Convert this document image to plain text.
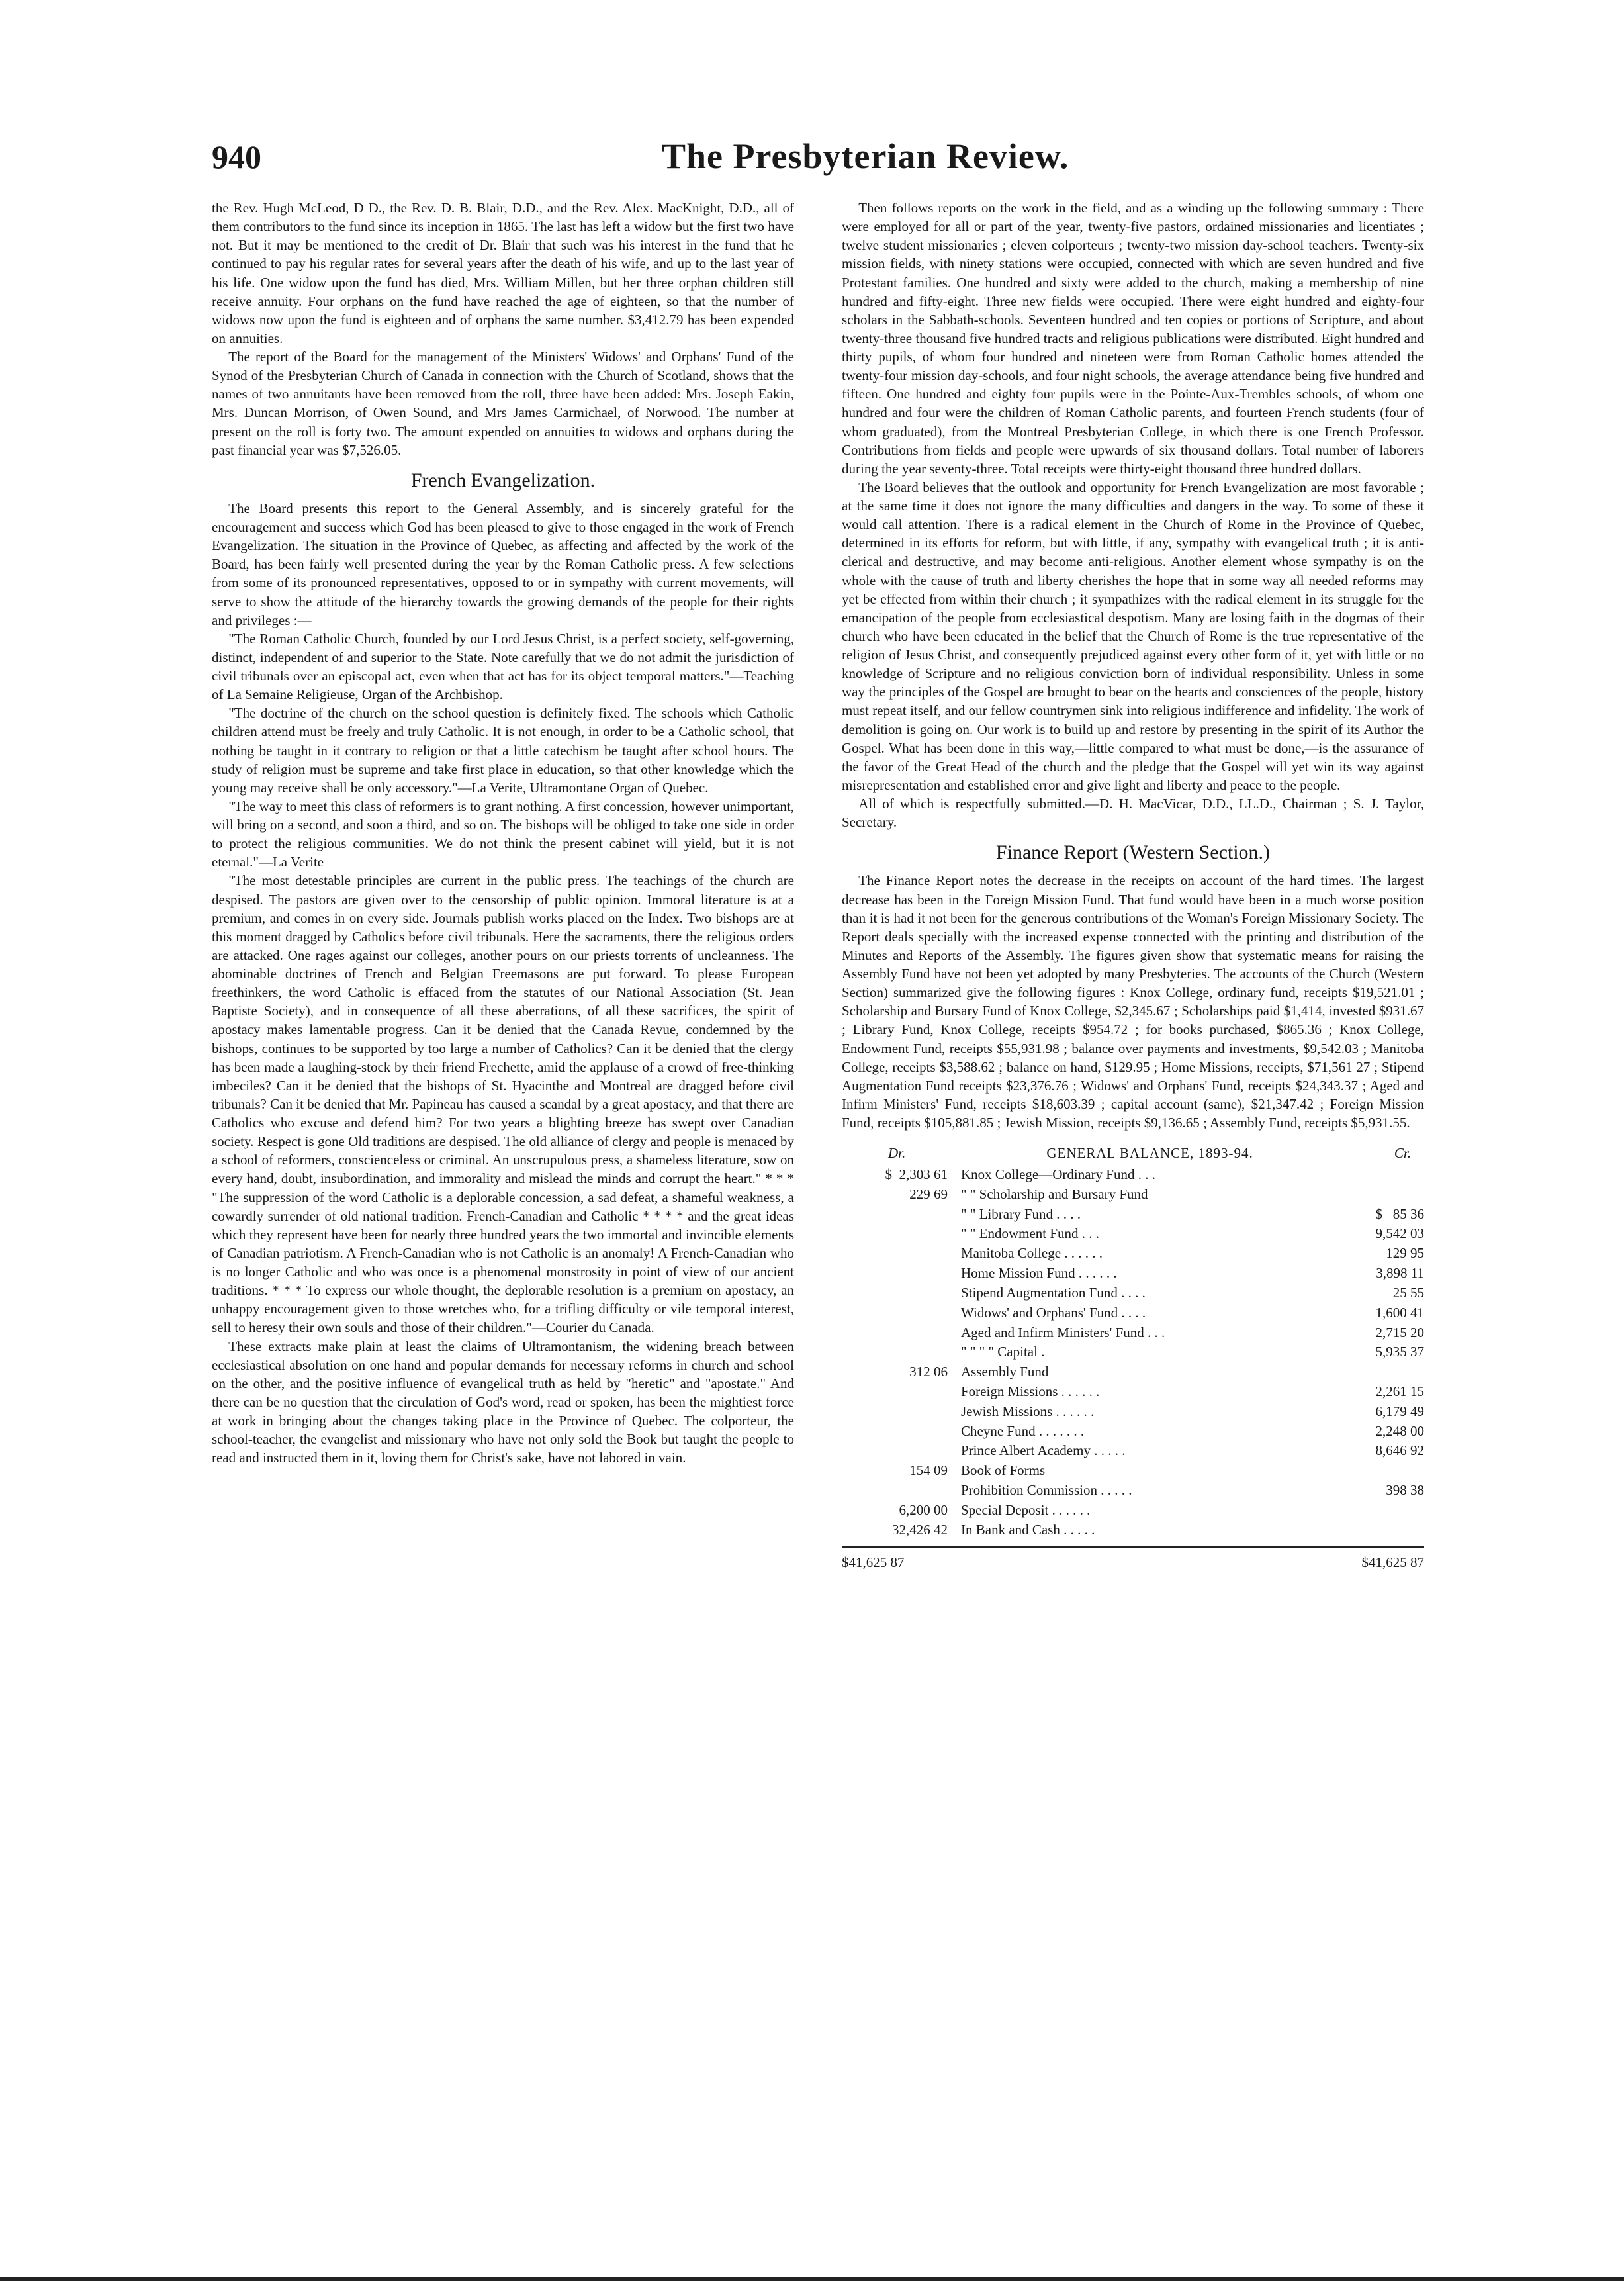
940	The Presbyterian Review.

the Rev. Hugh McLeod, D D., the Rev. D. B. Blair, D.D., and the Rev. Alex. MacKnight, D.D., all of them contributors to the fund since its inception in 1865. The last has left a widow but the first two have not. But it may be mentioned to the credit of Dr. Blair that such was his interest in the fund that he continued to pay his regular rates for several years after the death of his wife, and up to the last year of his life. One widow upon the fund has died, Mrs. William Millen, but her three orphan children still receive annuity. Four orphans on the fund have reached the age of eighteen, so that the number of widows now upon the fund is eighteen and of orphans the same number. $3,412.79 has been expended on annuities.

The report of the Board for the management of the Ministers' Widows' and Orphans' Fund of the Synod of the Presbyterian Church of Canada in connection with the Church of Scotland, shows that the names of two annuitants have been removed from the roll, three have been added: Mrs. Joseph Eakin, Mrs. Duncan Morrison, of Owen Sound, and Mrs James Carmichael, of Norwood. The number at present on the roll is forty two. The amount expended on annuities to widows and orphans during the past financial year was $7,526.05.

French Evangelization.

The Board presents this report to the General Assembly, and is sincerely grateful for the encouragement and success which God has been pleased to give to those engaged in the work of French Evangelization. The situation in the Province of Quebec, as affecting and affected by the work of the Board, has been fairly well presented during the year by the Roman Catholic press. A few selections from some of its pronounced representatives, opposed to or in sympathy with current movements, will serve to show the attitude of the hierarchy towards the growing demands of the people for their rights and privileges :—

"The Roman Catholic Church, founded by our Lord Jesus Christ, is a perfect society, self-governing, distinct, independent of and superior to the State. Note carefully that we do not admit the jurisdiction of civil tribunals over an episcopal act, even when that act has for its object temporal matters."—Teaching of La Semaine Religieuse, Organ of the Archbishop.

"The doctrine of the church on the school question is definitely fixed. The schools which Catholic children attend must be freely and truly Catholic. It is not enough, in order to be a Catholic school, that nothing be taught in it contrary to religion or that a little catechism be taught after school hours. The study of religion must be supreme and take first place in education, so that other knowledge which the young may receive shall be only accessory."—La Verite, Ultramontane Organ of Quebec.

"The way to meet this class of reformers is to grant nothing. A first concession, however unimportant, will bring on a second, and soon a third, and so on. The bishops will be obliged to take one side in order to protect the religious communities. We do not think the present cabinet will yield, but it is not eternal."—La Verite

"The most detestable principles are current in the public press. The teachings of the church are despised. The pastors are given over to the censorship of public opinion. Immoral literature is at a premium, and comes in on every side. Journals publish works placed on the Index. Two bishops are at this moment dragged by Catholics before civil tribunals. Here the sacraments, there the religious orders are attacked. One rages against our colleges, another pours on our priests torrents of uncleanness. The abominable doctrines of French and Belgian Freemasons are put forward. To please European freethinkers, the word Catholic is effaced from the statutes of our National Association (St. Jean Baptiste Society), and in consequence of all these aberrations, of all these sacrifices, the spirit of apostacy makes lamentable progress. Can it be denied that the Canada Revue, condemned by the bishops, continues to be supported by too large a number of Catholics? Can it be denied that the clergy has been made a laughing-stock by their friend Frechette, amid the applause of a crowd of free-thinking imbeciles? Can it be denied that the bishops of St. Hyacinthe and Montreal are dragged before civil tribunals? Can it be denied that Mr. Papineau has caused a scandal by a great apostacy, and that there are Catholics who excuse and defend him? For two years a blighting breeze has swept over Canadian society. Respect is gone Old traditions are despised. The old alliance of clergy and people is menaced by a school of reformers, conscienceless or criminal. An unscrupulous press, a shameless literature, sow on every hand, doubt, insubordination, and immorality and mislead the minds and corrupt the heart." * * * "The suppression of the word Catholic is a deplorable concession, a sad defeat, a shameful weakness, a cowardly surrender of old national tradition. French-Canadian and Catholic * * * * and the great ideas which they represent have been for nearly three hundred years the two immortal and invincible elements of Canadian patriotism. A French-Canadian who is not Catholic is an anomaly! A French-Canadian who is no longer Catholic and who was once is a phenomenal monstrosity in point of view of our ancient traditions. * * * To express our whole thought, the deplorable resolution is a premium on apostacy, an unhappy encouragement given to those wretches who, for a trifling difficulty or vile temporal interest, sell to heresy their own souls and those of their children."—Courier du Canada.

These extracts make plain at least the claims of Ultramontanism, the widening breach between ecclesiastical absolution on one hand and popular demands for necessary reforms in church and school on the other, and the positive influence of evangelical truth as held by "heretic" and "apostate." And there can be no question that the circulation of God's word, read or spoken, has been the mightiest force at work in bringing about the changes taking place in the Province of Quebec. The colporteur, the school-teacher, the evangelist and missionary who have not only sold the Book but taught the people to read and instructed them in it, loving them for Christ's sake, have not labored in vain.

Then follows reports on the work in the field, and as a winding up the following summary : There were employed for all or part of the year, twenty-five pastors, ordained missionaries and licentiates ; twelve student missionaries ; eleven colporteurs ; twenty-two mission day-school teachers. Twenty-six mission fields, with ninety stations were occupied, connected with which are seven hundred and five Protestant families. One hundred and sixty were added to the church, making a membership of nine hundred and fifty-eight. Three new fields were occupied. There were eight hundred and eighty-four scholars in the Sabbath-schools. Seventeen hundred and ten copies or portions of Scripture, and about twenty-three thousand five hundred tracts and religious publications were distributed. Eight hundred and thirty pupils, of whom four hundred and nineteen were from Roman Catholic homes attended the twenty-four mission day-schools, and four night schools, the average attendance being five hundred and fifteen. One hundred and eighty four pupils were in the Pointe-Aux-Trembles schools, of whom one hundred and four were the children of Roman Catholic parents, and fourteen French students (four of whom graduated), from the Montreal Presbyterian College, in which there is one French Professor. Contributions from fields and people were upwards of six thousand dollars. Total number of laborers during the year seventy-three. Total receipts were thirty-eight thousand three hundred dollars.

The Board believes that the outlook and opportunity for French Evangelization are most favorable ; at the same time it does not ignore the many difficulties and dangers in the way. To some of these it would call attention. There is a radical element in the Church of Rome in the Province of Quebec, determined in its efforts for reform, but with little, if any, sympathy with evangelical truth ; it is anti-clerical and destructive, and may become anti-religious. Another element whose sympathy is on the whole with the cause of truth and liberty cherishes the hope that in some way all needed reforms may yet be effected from within their church ; it sympathizes with the radical element in its struggle for the emancipation of the people from ecclesiastical despotism. Many are losing faith in the dogmas of their church who have been educated in the belief that the Church of Rome is the true representative of the religion of Jesus Christ, and consequently prejudiced against every other form of it, yet with little or no knowledge of Scripture and no religious conviction born of individual responsibility. Unless in some way the principles of the Gospel are brought to bear on the hearts and consciences of the people, history must repeat itself, and our fellow countrymen sink into religious indifference and infidelity. The work of demolition is going on. Our work is to build up and restore by presenting in the spirit of its Author the Gospel. What has been done in this way,—little compared to what must be done,—is the assurance of the favor of the Great Head of the church and the pledge that the Gospel will yet win its way against misrepresentation and established error and give light and liberty and peace to the people.

All of which is respectfully submitted.—D. H. MacVicar, D.D., LL.D., Chairman ; S. J. Taylor, Secretary.

Finance Report (Western Section.)

The Finance Report notes the decrease in the receipts on account of the hard times. The largest decrease has been in the Foreign Mission Fund. That fund would have been in a much worse position than it is had it not been for the generous contributions of the Woman's Foreign Missionary Society. The Report deals specially with the increased expense connected with the printing and distribution of the Minutes and Reports of the Assembly. The figures given show that systematic means for raising the Assembly Fund have not been yet adopted by many Presbyteries. The accounts of the Church (Western Section) summarized give the following figures : Knox College, ordinary fund, receipts $19,521.01 ; Scholarship and Bursary Fund of Knox College, $2,345.67 ; Scholarships paid $1,414, invested $931.67 ; Library Fund, Knox College, receipts $954.72 ; for books purchased, $865.36 ; Knox College, Endowment Fund, receipts $55,931.98 ; balance over payments and investments, $9,542.03 ; Manitoba College, receipts $3,588.62 ; balance on hand, $129.95 ; Home Missions, receipts, $71,561 27 ; Stipend Augmentation Fund receipts $23,376.76 ; Widows' and Orphans' Fund, receipts $24,343.37 ; Aged and Infirm Ministers' Fund, receipts $18,603.39 ; capital account (same), $21,347.42 ; Foreign Mission Fund, receipts $105,881.85 ; Jewish Mission, receipts $9,136.65 ; Assembly Fund, receipts $5,931.55.

Dr.	GENERAL BALANCE, 1893-94.	Cr.
$  2,303 61 Knox College—Ordinary Fund . . .
229 69 " " Scholarship and Bursary Fund
" " Library Fund . . . .	$   85 36
" " Endowment Fund . . .	9,542 03
Manitoba College . . . . . .	129 95
Home Mission Fund . . . . . .	3,898 11
Stipend Augmentation Fund . . . .	25 55
Widows' and Orphans' Fund . . . .	1,600 41
Aged and Infirm Ministers' Fund . . .	2,715 20
" " " " Capital .	5,935 37
312 06 Assembly Fund
Foreign Missions . . . . . .	2,261 15
Jewish Missions . . . . . .	6,179 49
Cheyne Fund . . . . . . .	2,248 00
Prince Albert Academy . . . . .	8,646 92
154 09 Book of Forms
Prohibition Commission . . . . .	398 38
6,200 00 Special Deposit . . . . . .
32,426 42 In Bank and Cash . . . . .
$41,625 87	$41,625 87
